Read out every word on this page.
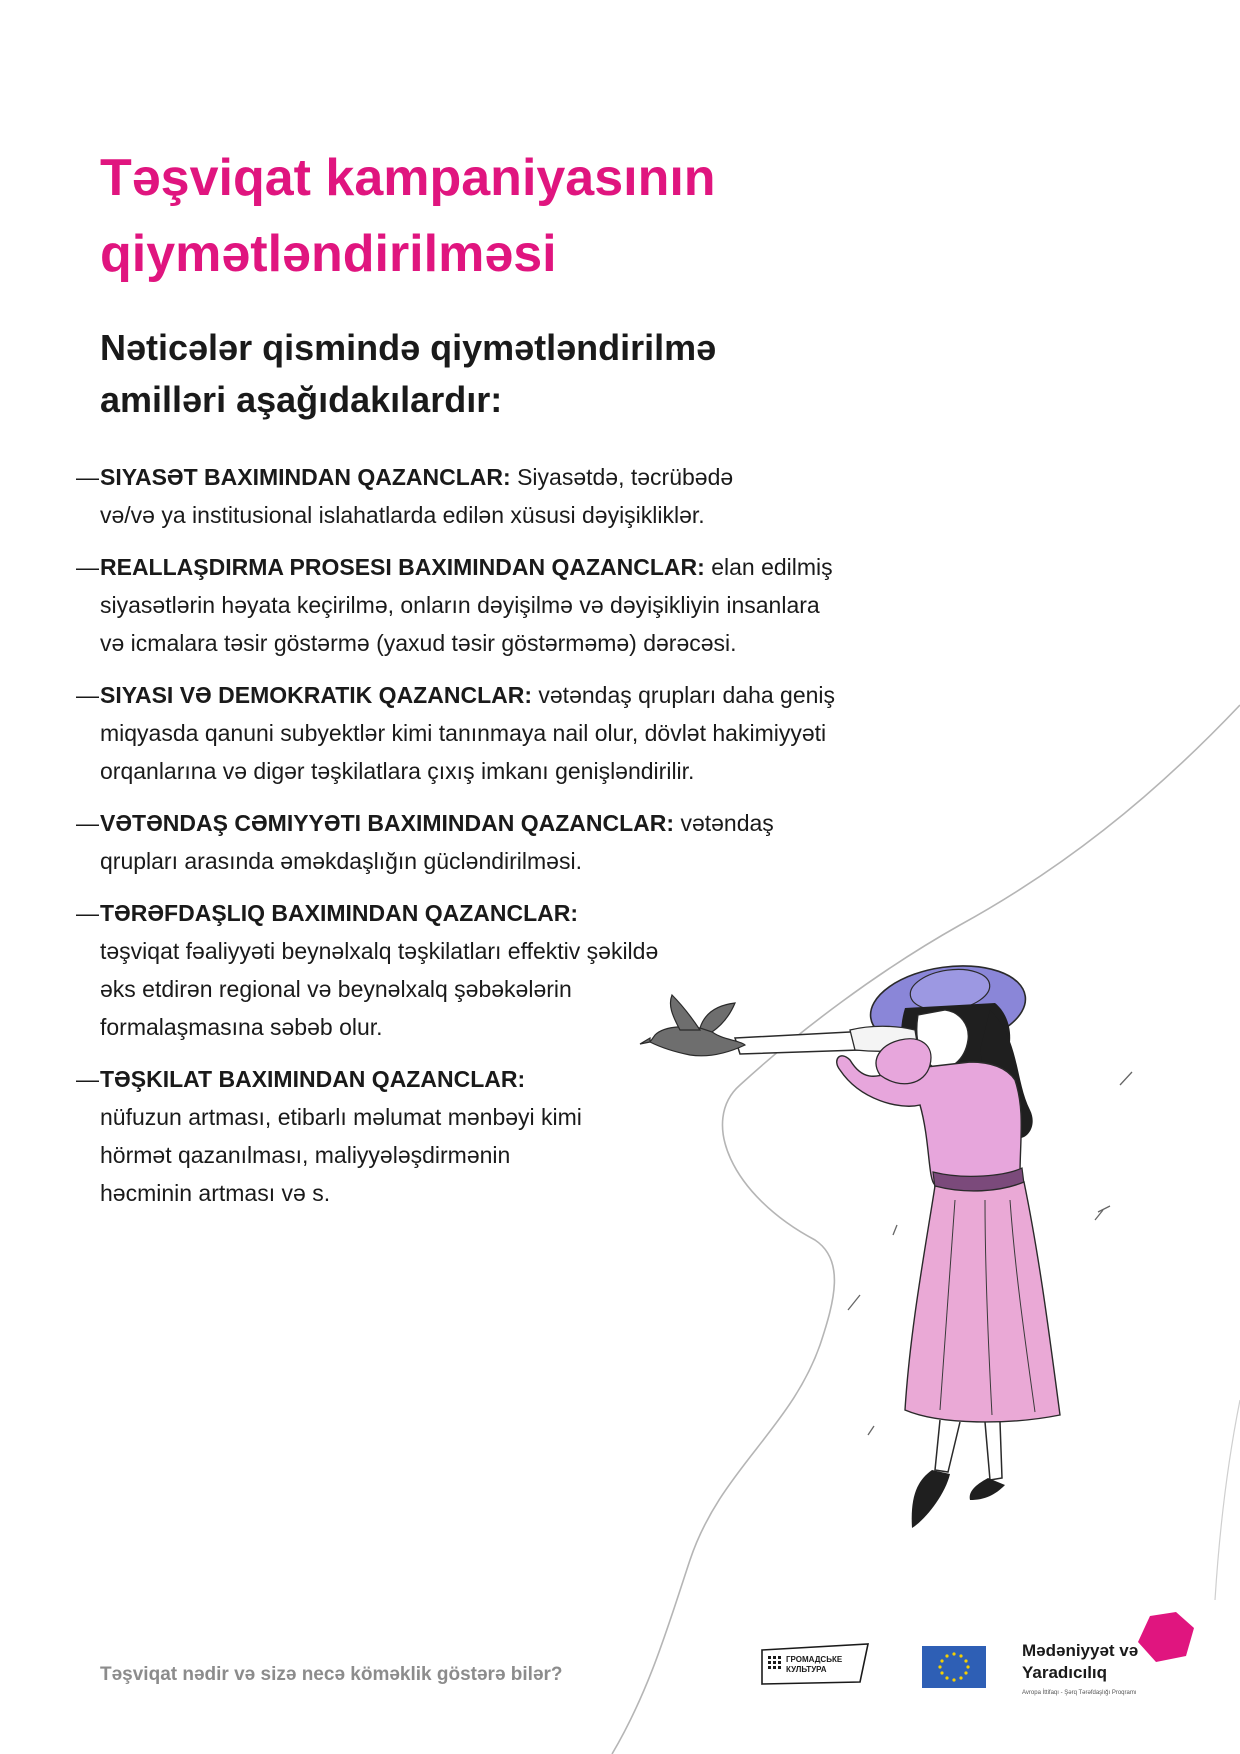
Təşviqat kampaniyasının
qiymətləndirilməsi
Nəticələr qismində qiymətləndirilmə
amilləri aşağıdakılardır:
— SIYASƏT BAXIMINDAN QAZANCLAR: Siyasətdə, təcrübədə
və/və ya institusional islahatlarda edilən xüsusi dəyişikliklər.
— REALLAŞDIRMA PROSESI BAXIMINDAN QAZANCLAR: elan edilmiş
siyasətlərin həyata keçirilmə, onların dəyişilmə və dəyişikliyin insanlara
və icmalara təsir göstərmə (yaxud təsir göstərməmə) dərəcəsi.
— SIYASI VƏ DEMOKRATIK QAZANCLAR: vətəndaş qrupları daha geniş
miqyasda qanuni subyektlər kimi tanınmaya nail olur, dövlət hakimiyyəti
orqanlarına və digər təşkilatlara çıxış imkanı genişləndirilir.
— VƏTƏNDAŞ CƏMIYYƏTI BAXIMINDAN QAZANCLAR: vətəndaş
qrupları arasında əməkdaşlığın gücləndirilməsi.
— TƏRƏFDAŞLIQ BAXIMINDAN QAZANCLAR:
təşviqat fəaliyyəti beynəlxalq təşkilatları effektiv şəkildə
əks etdirən regional və beynəlxalq şəbəkələrin
formalaşmasına səbəb olur.
— TƏŞKILAT BAXIMINDAN QAZANCLAR:
nüfuzun artması, etibarlı məlumat mənbəyi kimi
hörmət qazanılması, maliyyələşdirmənin
həcminin artması və s.
Təşviqat nədir və sizə necə köməklik göstərə bilər?
ГРОМАДСЬКЕ
КУЛЬТУРА
Mədəniyyət və
Yaradıcılıq
Avropa İttifaqı - Şərq Tərəfdaşlığı Proqramı
